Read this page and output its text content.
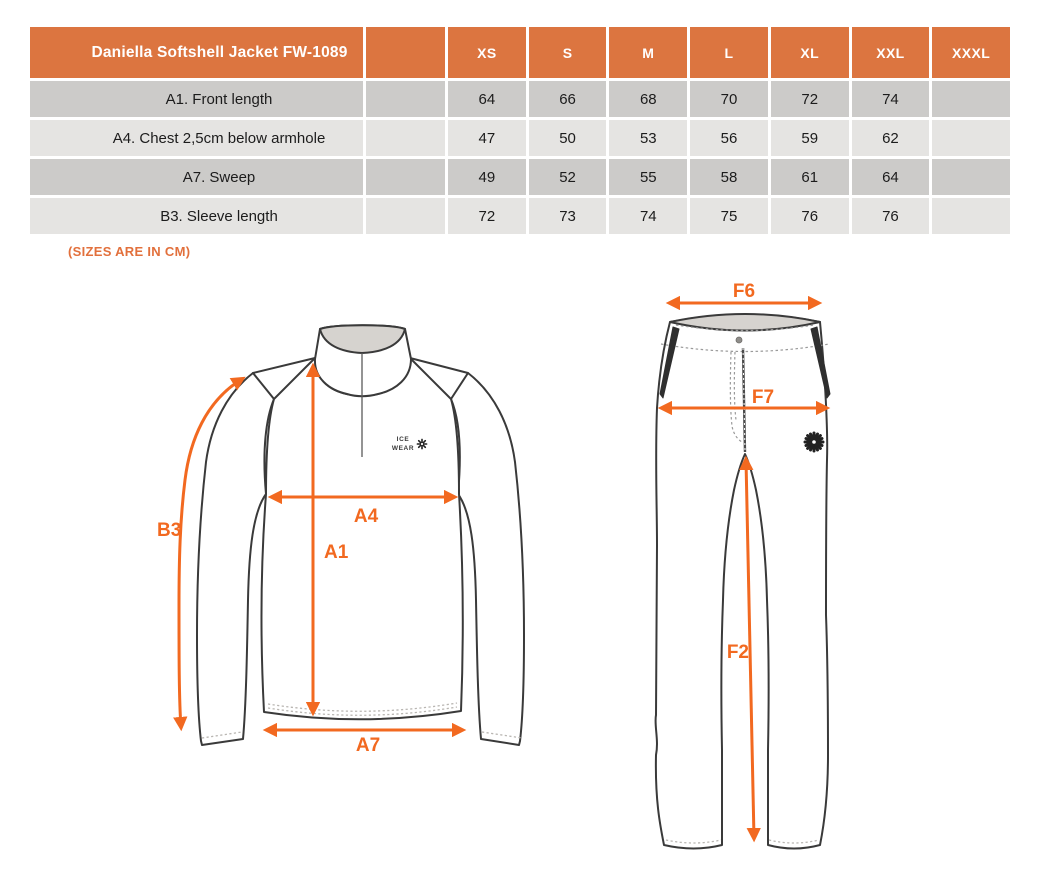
Daniella Softshell Jacket FW-1089	XS	S	M	L	XL	XXL	XXXL
A1. Front length	64	66	68	70	72	74
A4. Chest 2,5cm below armhole	47	50	53	56	59	62
A7. Sweep	49	52	55	58	61	64
B3. Sleeve length	72	73	74	75	76	76
(SIZES ARE IN CM)
ICE
WEAR
B3
A4
A1
A7
F6
F7
F2
